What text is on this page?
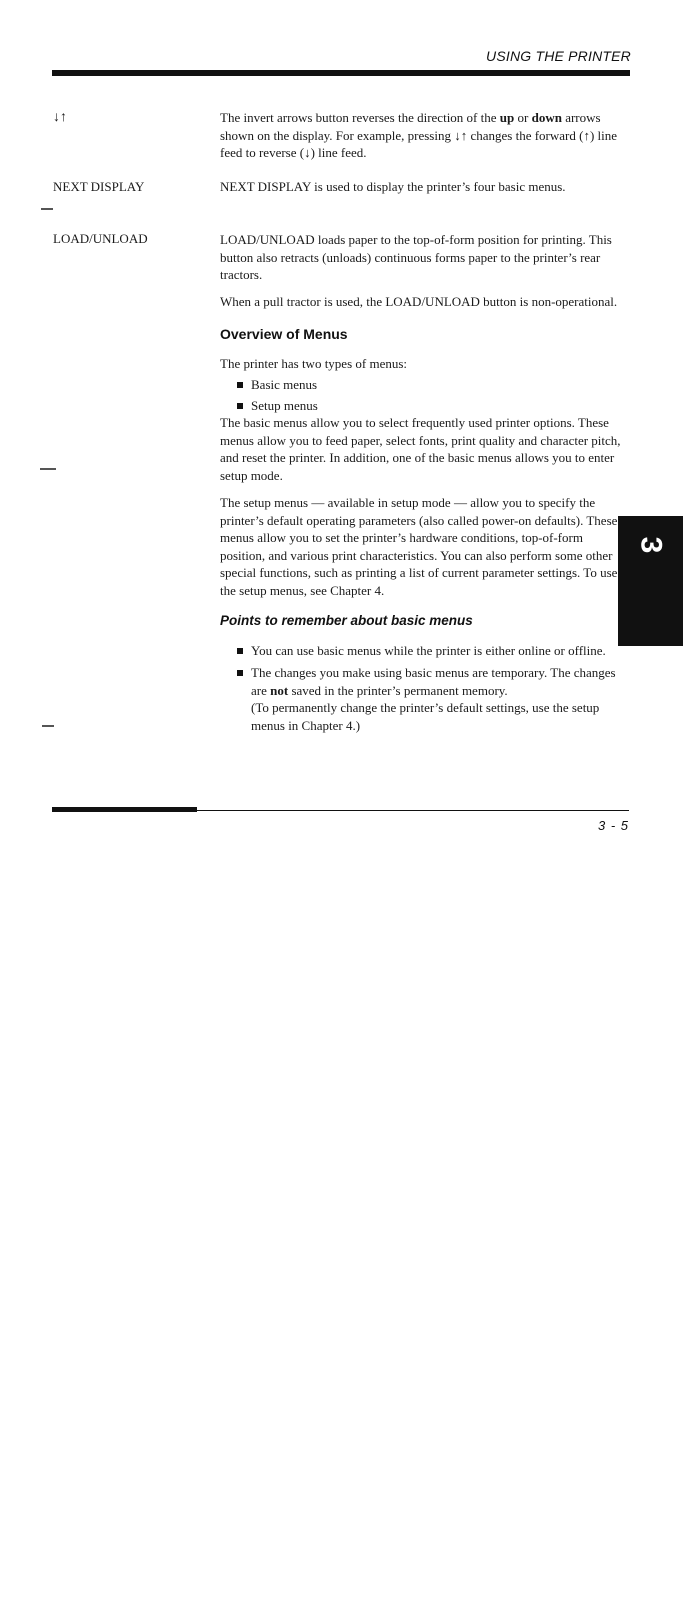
USING THE PRINTER
↓↑	The invert arrows button reverses the direction of the up or down arrows shown on the display. For example, pressing ↓↑ changes the forward (↑) line feed to reverse (↓) line feed.

NEXT DISPLAY	NEXT DISPLAY is used to display the printer’s four basic menus.

LOAD/UNLOAD	LOAD/UNLOAD loads paper to the top-of-form position for printing. This button also retracts (unloads) continuous forms paper to the printer’s rear tractors.

When a pull tractor is used, the LOAD/UNLOAD button is non-operational.

Overview of Menus

The printer has two types of menus:

Basic menus
Setup menus

The basic menus allow you to select frequently used printer options. These menus allow you to feed paper, select fonts, print quality and character pitch, and reset the printer. In addition, one of the basic menus allows you to enter setup mode.

The setup menus — available in setup mode — allow you to specify the printer’s default operating parameters (also called power-on defaults). These menus allow you to set the printer’s hardware conditions, top-of-form position, and various print characteristics. You can also perform some other special functions, such as printing a list of current parameter settings. To use the setup menus, see Chapter 4.

Points to remember about basic menus
You can use basic menus while the printer is either online or offline.
The changes you make using basic menus are temporary. The changes are not saved in the printer’s permanent memory.
(To permanently change the printer’s default settings, use the setup menus in Chapter 4.)
3
Using the
Printer
3 - 5
